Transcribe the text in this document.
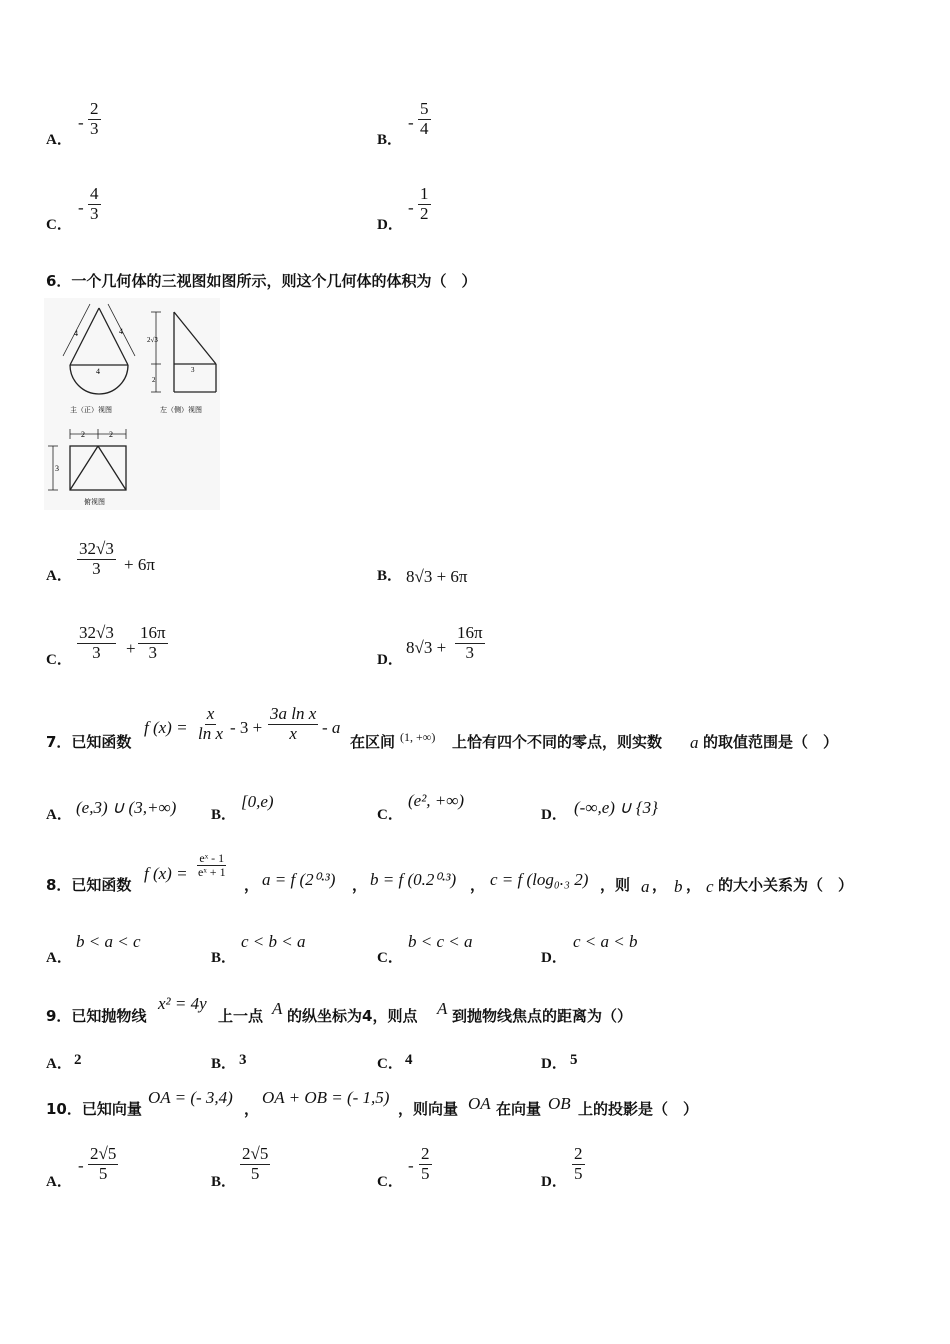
A．
- $\frac{2}{3}$
B．
- $\frac{5}{4}$
C．
- $\frac{4}{3}$
D．
- $\frac{1}{2}$
6．一个几何体的三视图如图所示，则这个几何体的体积为（　）
4	4
4
主（正）视图
2√3
2
3
左（侧）视图
2	2
3
俯视图
A． $\frac{32√3}{3} + 6\pi$
B． 8√3 + 6π
C． $\frac{32√3}{3} + \frac{16\pi}{3}$	D．
$8√3 + \frac{16\pi}{3}$
7．已知函数
f $(x) = \frac{x}{\text{ln x}} - 3 + \frac{\text{3a ln x}}{x} - a$
在区间 (1, +∞) 上恰有四个不同的零点，则实数 a 的取值范围是（　）
A． (e,3) ∪ (3,+∞) B．
[0,e)
C．
(e², +∞)
D． (-∞,e) ∪ {3}
8．已知函数
f $(x) = \frac{\text{eˣ - 1}}{\text{eˣ + 1}}$
， a = f (2⁰·³) ， b = f (0.2⁰·³) ， c = f (log₀.₃ 2) ，则 a ， b ， c 的大小关系为（　）
A．
b < a < c
B．
c < b < a
C．
b < c < a
D．
c < a < b
9．已知抛物线
x² = 4y
上一点 A 的纵坐标为4，则点 A 到抛物线焦点的距离为（）
A． 2	B． 3	C． 4	D． 5
10．已知向量
OA = (- 3,4)
，
OA + OB = (- 1,5)
，则向量 OA 在向量 OB 上的投影是（　）
A．
- $\frac{2√5}{5}$	B． $\frac{2√5}{5}$	C．
- $\frac{2}{5}$	D． $\frac{2}{5}$
